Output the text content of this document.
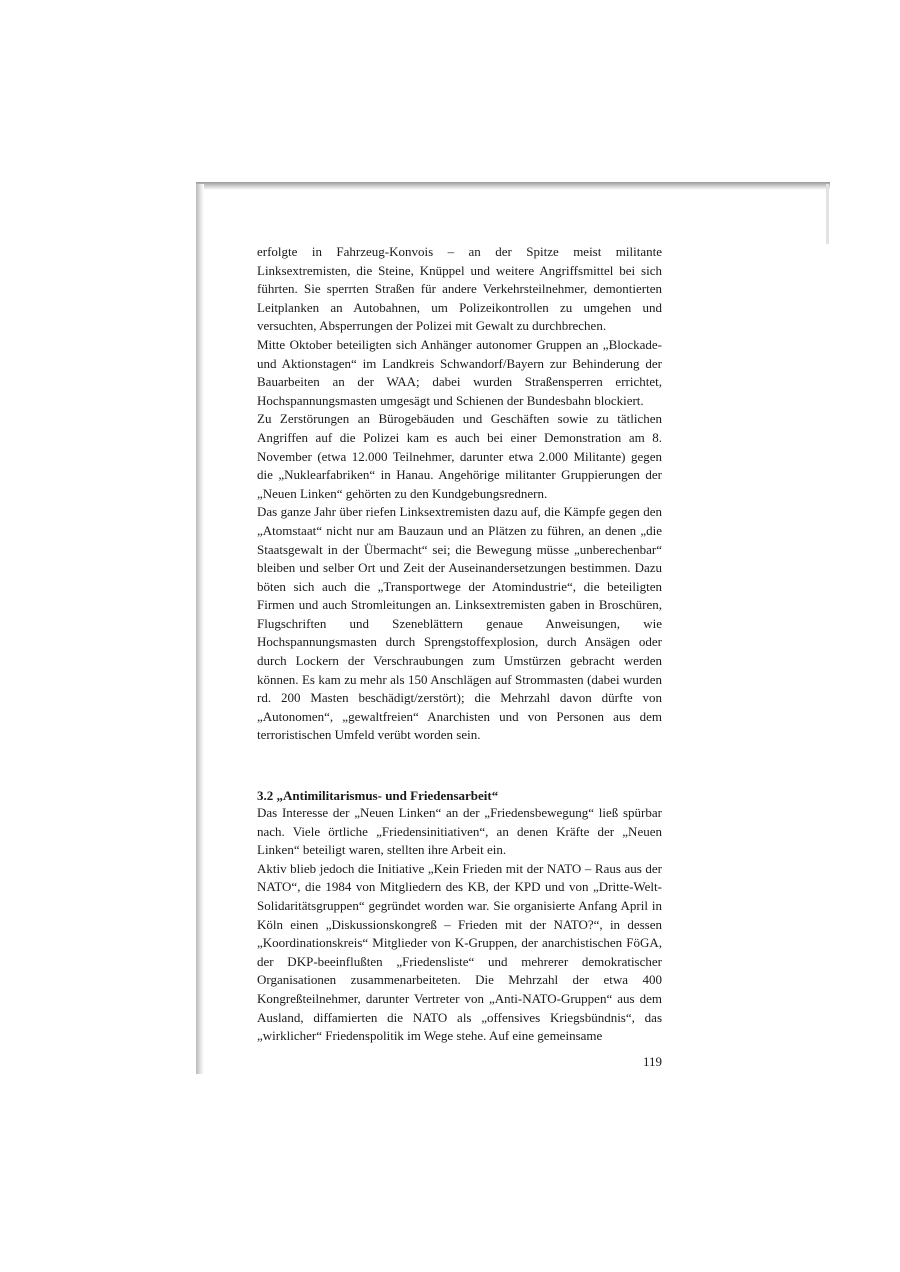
erfolgte in Fahrzeug-Konvois – an der Spitze meist militante Linksextremisten, die Steine, Knüppel und weitere Angriffsmittel bei sich führten. Sie sperrten Straßen für andere Verkehrsteilnehmer, demontierten Leitplanken an Autobahnen, um Polizeikontrollen zu umgehen und versuchten, Absperrungen der Polizei mit Gewalt zu durchbrechen.

Mitte Oktober beteiligten sich Anhänger autonomer Gruppen an „Blockade- und Aktionstagen“ im Landkreis Schwandorf/Bayern zur Behinderung der Bauarbeiten an der WAA; dabei wurden Straßensperren errichtet, Hochspannungsmasten umgesägt und Schienen der Bundesbahn blockiert.

Zu Zerstörungen an Bürogebäuden und Geschäften sowie zu tätlichen Angriffen auf die Polizei kam es auch bei einer Demonstration am 8. November (etwa 12.000 Teilnehmer, darunter etwa 2.000 Militante) gegen die „Nuklearfabriken“ in Hanau. Angehörige militanter Gruppierungen der „Neuen Linken“ gehörten zu den Kundgebungsrednern.

Das ganze Jahr über riefen Linksextremisten dazu auf, die Kämpfe gegen den „Atomstaat“ nicht nur am Bauzaun und an Plätzen zu führen, an denen „die Staatsgewalt in der Übermacht“ sei; die Bewegung müsse „unberechenbar“ bleiben und selber Ort und Zeit der Auseinandersetzungen bestimmen. Dazu böten sich auch die „Transportwege der Atomindustrie“, die beteiligten Firmen und auch Stromleitungen an. Linksextremisten gaben in Broschüren, Flugschriften und Szeneblättern genaue Anweisungen, wie Hochspannungsmasten durch Sprengstoffexplosion, durch Ansägen oder durch Lockern der Verschraubungen zum Umstürzen gebracht werden können. Es kam zu mehr als 150 Anschlägen auf Strommasten (dabei wurden rd. 200 Masten beschädigt/zerstört); die Mehrzahl davon dürfte von „Autonomen“, „gewaltfreien“ Anarchisten und von Personen aus dem terroristischen Umfeld verübt worden sein.

3.2 „Antimilitarismus- und Friedensarbeit“

Das Interesse der „Neuen Linken“ an der „Friedensbewegung“ ließ spürbar nach. Viele örtliche „Friedensinitiativen“, an denen Kräfte der „Neuen Linken“ beteiligt waren, stellten ihre Arbeit ein.

Aktiv blieb jedoch die Initiative „Kein Frieden mit der NATO – Raus aus der NATO“, die 1984 von Mitgliedern des KB, der KPD und von „Dritte-Welt-Solidaritätsgruppen“ gegründet worden war. Sie organisierte Anfang April in Köln einen „Diskussionskongreß – Frieden mit der NATO?“, in dessen „Koordinationskreis“ Mitglieder von K-Gruppen, der anarchistischen FöGA, der DKP-beeinflußten „Friedensliste“ und mehrerer demokratischer Organisationen zusammenarbeiteten. Die Mehrzahl der etwa 400 Kongreßteilnehmer, darunter Vertreter von „Anti-NATO-Gruppen“ aus dem Ausland, diffamierten die NATO als „offensives Kriegsbündnis“, das „wirklicher“ Friedenspolitik im Wege stehe. Auf eine gemeinsame

119
